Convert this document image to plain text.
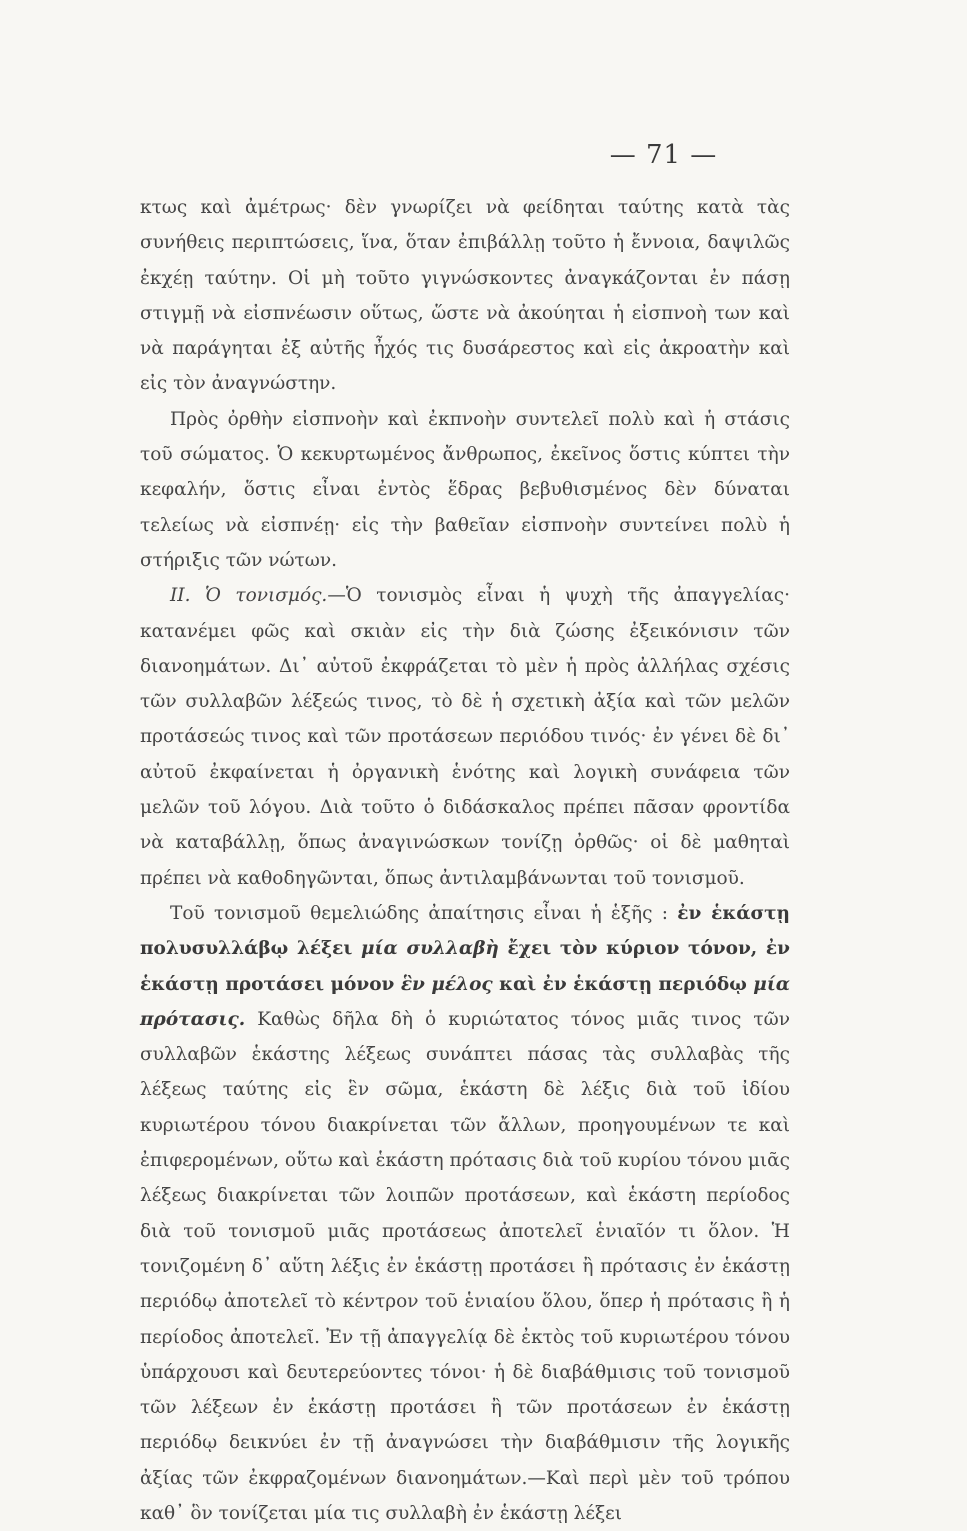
— 71 —

κτως καὶ ἀμέτρως· δὲν γνωρίζει νὰ φείδηται ταύτης κατὰ τὰς συνήθεις περιπτώσεις, ἵνα, ὅταν ἐπιβάλλῃ τοῦτο ἡ ἔννοια, δαψιλῶς ἐκχέῃ ταύτην. Οἱ μὴ τοῦτο γιγνώσκοντες ἀναγκάζονται ἐν πάσῃ στιγμῇ νὰ εἰσπνέωσιν οὕτως, ὥστε νὰ ἀκούηται ἡ εἰσπνοὴ των καὶ νὰ παράγηται ἐξ αὐτῆς ἦχός τις δυσάρεστος καὶ εἰς ἀκροατὴν καὶ εἰς τὸν ἀναγνώστην.

Πρὸς ὀρθὴν εἰσπνοὴν καὶ ἐκπνοὴν συντελεῖ πολὺ καὶ ἡ στάσις τοῦ σώματος. Ὁ κεκυρτωμένος ἄνθρωπος, ἐκεῖνος ὅστις κύπτει τὴν κεφαλήν, ὅστις εἶναι ἐντὸς ἕδρας βεβυθισμένος δὲν δύναται τελείως νὰ εἰσπνέῃ· εἰς τὴν βαθεῖαν εἰσπνοὴν συντείνει πολὺ ἡ στήριξις τῶν νώτων.

ΙΙ. Ὁ τονισμός.—Ὁ τονισμὸς εἶναι ἡ ψυχὴ τῆς ἀπαγγελίας· κατανέμει φῶς καὶ σκιὰν εἰς τὴν διὰ ζώσης ἐξεικόνισιν τῶν διανοημάτων. Δι᾿ αὐτοῦ ἐκφράζεται τὸ μὲν ἡ πρὸς ἀλλήλας σχέσις τῶν συλλαβῶν λέξεώς τινος, τὸ δὲ ἡ σχετικὴ ἀξία καὶ τῶν μελῶν προτάσεώς τινος καὶ τῶν προτάσεων περιόδου τινός· ἐν γένει δὲ δι᾿ αὐτοῦ ἐκφαίνεται ἡ ὀργανικὴ ἑνότης καὶ λογικὴ συνάφεια τῶν μελῶν τοῦ λόγου. Διὰ τοῦτο ὁ διδάσκαλος πρέπει πᾶσαν φροντίδα νὰ καταβάλλῃ, ὅπως ἀναγινώσκων τονίζῃ ὀρθῶς· οἱ δὲ μαθηταὶ πρέπει νὰ καθοδηγῶνται, ὅπως ἀντιλαμβάνωνται τοῦ τονισμοῦ.

Τοῦ τονισμοῦ θεμελιώδης ἀπαίτησις εἶναι ἡ ἑξῆς : ἐν ἑκάστῃ πολυσυλλάβῳ λέξει μία συλλαβὴ ἔχει τὸν κύριον τόνον, ἐν ἑκάστῃ προτάσει μόνον ἓν μέλος καὶ ἐν ἑκάστῃ περιόδῳ μία πρότασις. Καθὼς δῆλα δὴ ὁ κυριώτατος τόνος μιᾶς τινος τῶν συλλαβῶν ἑκάστης λέξεως συνάπτει πάσας τὰς συλλαβὰς τῆς λέξεως ταύτης εἰς ἓν σῶμα, ἑκάστη δὲ λέξις διὰ τοῦ ἰδίου κυριωτέρου τόνου διακρίνεται τῶν ἄλλων, προηγουμένων τε καὶ ἐπιφερομένων, οὕτω καὶ ἑκάστη πρότασις διὰ τοῦ κυρίου τόνου μιᾶς λέξεως διακρίνεται τῶν λοιπῶν προτάσεων, καὶ ἑκάστη περίοδος διὰ τοῦ τονισμοῦ μιᾶς προτάσεως ἀποτελεῖ ἑνιαῖόν τι ὅλον. Ἡ τονιζομένη δ᾿ αὕτη λέξις ἐν ἑκάστῃ προτάσει ἢ πρότασις ἐν ἑκάστῃ περιόδῳ ἀποτελεῖ τὸ κέντρον τοῦ ἑνιαίου ὅλου, ὅπερ ἡ πρότασις ἢ ἡ περίοδος ἀποτελεῖ. Ἐν τῇ ἀπαγγελίᾳ δὲ ἐκτὸς τοῦ κυριωτέρου τόνου ὑπάρχουσι καὶ δευτερεύοντες τόνοι· ἡ δὲ διαβάθμισις τοῦ τονισμοῦ τῶν λέξεων ἐν ἑκάστῃ προτάσει ἢ τῶν προτάσεων ἐν ἑκάστῃ περιόδῳ δεικνύει ἐν τῇ ἀναγνώσει τὴν διαβάθμισιν τῆς λογικῆς ἀξίας τῶν ἐκφραζομένων διανοημάτων.—Καὶ περὶ μὲν τοῦ τρόπου καθ᾿ ὃν τονίζεται μία τις συλλαβὴ ἐν ἑκάστῃ λέξει
